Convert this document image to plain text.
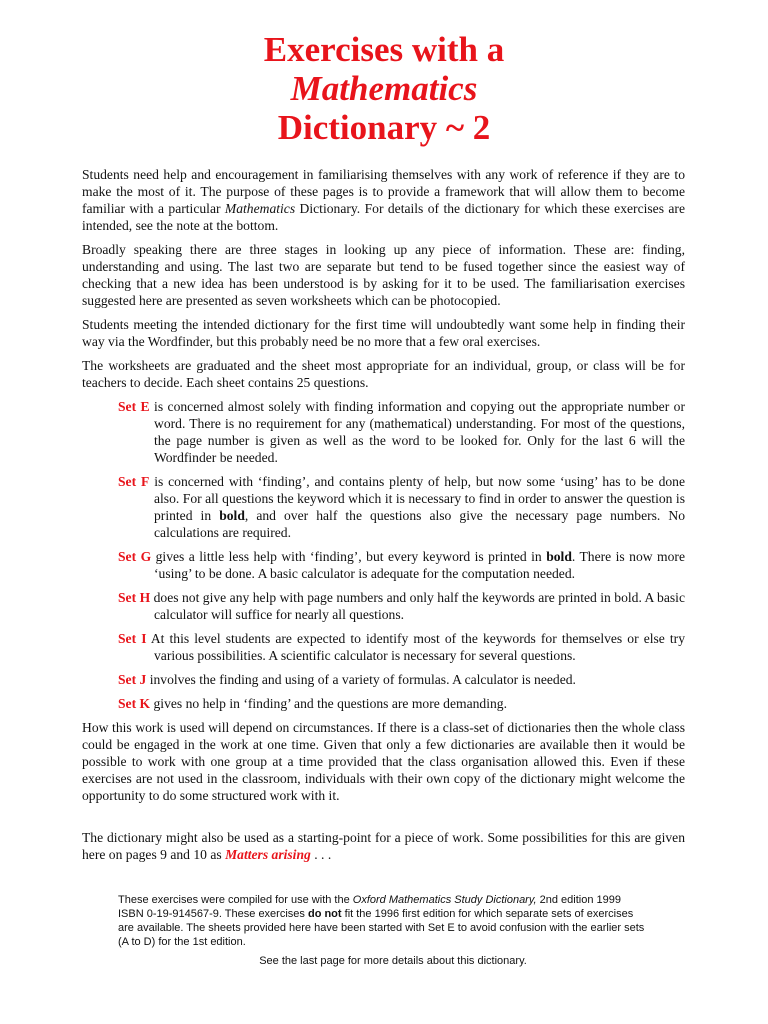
Exercises with a
Mathematics
Dictionary ~ 2

Students need help and encouragement in familiarising themselves with any work of reference if they are to make the most of it. The purpose of these pages is to provide a framework that will allow them to become familiar with a particular Mathematics Dictionary. For details of the dictionary for which these exercises are intended, see the note at the bottom.

Broadly speaking there are three stages in looking up any piece of information. These are: finding, understanding and using. The last two are separate but tend to be fused together since the easiest way of checking that a new idea has been understood is by asking for it to be used. The familiarisation exercises suggested here are presented as seven worksheets which can be photocopied.

Students meeting the intended dictionary for the first time will undoubtedly want some help in finding their way via the Wordfinder, but this probably need be no more that a few oral exercises.

The worksheets are graduated and the sheet most appropriate for an individual, group, or class will be for teachers to decide. Each sheet contains 25 questions.

Set E is concerned almost solely with finding information and copying out the appropriate number or word. There is no requirement for any (mathematical) understanding. For most of the questions, the page number is given as well as the word to be looked for. Only for the last 6 will the Wordfinder be needed.
Set F is concerned with ‘finding’, and contains plenty of help, but now some ‘using’ has to be done also. For all questions the keyword which it is necessary to find in order to answer the question is printed in bold, and over half the questions also give the necessary page numbers. No calculations are required.
Set G gives a little less help with ‘finding’, but every keyword is printed in bold. There is now more ‘using’ to be done. A basic calculator is adequate for the computation needed.
Set H does not give any help with page numbers and only half the keywords are printed in bold. A basic calculator will suffice for nearly all questions.
Set I At this level students are expected to identify most of the keywords for themselves or else try various possibilities. A scientific calculator is necessary for several questions.
Set J involves the finding and using of a variety of formulas. A calculator is needed.
Set K gives no help in ‘finding’ and the questions are more demanding.

How this work is used will depend on circumstances. If there is a class-set of dictionaries then the whole class could be engaged in the work at one time. Given that only a few dictionaries are available then it would be possible to work with one group at a time provided that the class organisation allowed this. Even if these exercises are not used in the classroom, individuals with their own copy of the dictionary might welcome the opportunity to do some structured work with it.

The dictionary might also be used as a starting-point for a piece of work. Some possibilities for this are given here on pages 9 and 10 as Matters arising . . .

These exercises were compiled for use with the Oxford Mathematics Study Dictionary, 2nd edition 1999 ISBN 0-19-914567-9. These exercises do not fit the 1996 first edition for which separate sets of exercises are available. The sheets provided here have been started with Set E to avoid confusion with the earlier sets (A to D) for the 1st edition.
See the last page for more details about this dictionary.
